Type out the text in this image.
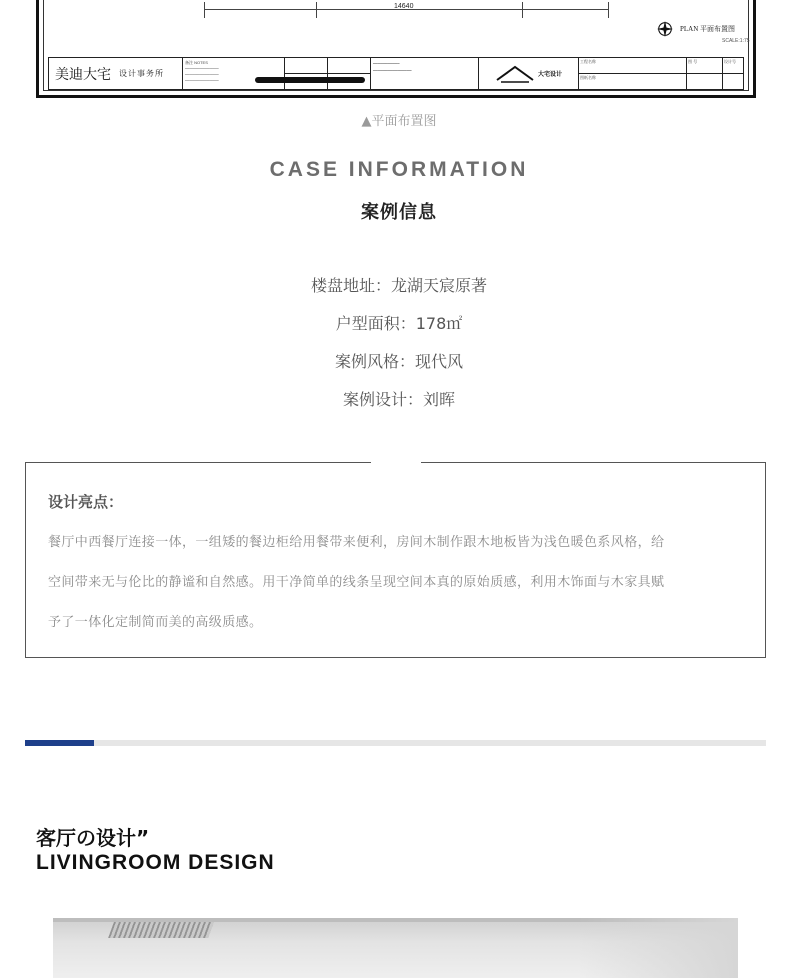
14640
PLAN 平面布置图
SCALE:1:75
美迪大宅 设计事务所
备注 NOTES
━━━━━━━━━━━━━━
━━━━━━━━━━━━━━
━━━━━━━━━━━━━━
━━━━━━━━━━━
━━━━━━━━━━━━━━━━
大宅设计
工程名称
图纸名称
图 号	设计号
▲平面布置图
CASE INFORMATION
案例信息
楼盘地址：龙湖天宸原著
户型面积：178㎡
案例风格：现代风
案例设计：刘晖
设计亮点：
餐厅中西餐厅连接一体，一组矮的餐边柜给用餐带来便利，房间木制作跟木地板皆为浅色暖色系风格，给
空间带来无与伦比的静谧和自然感。用干净简单的线条呈现空间本真的原始质感，利用木饰面与木家具赋
予了一体化定制简而美的高级质感。
客厅の设计”
LIVINGROOM DESIGN
